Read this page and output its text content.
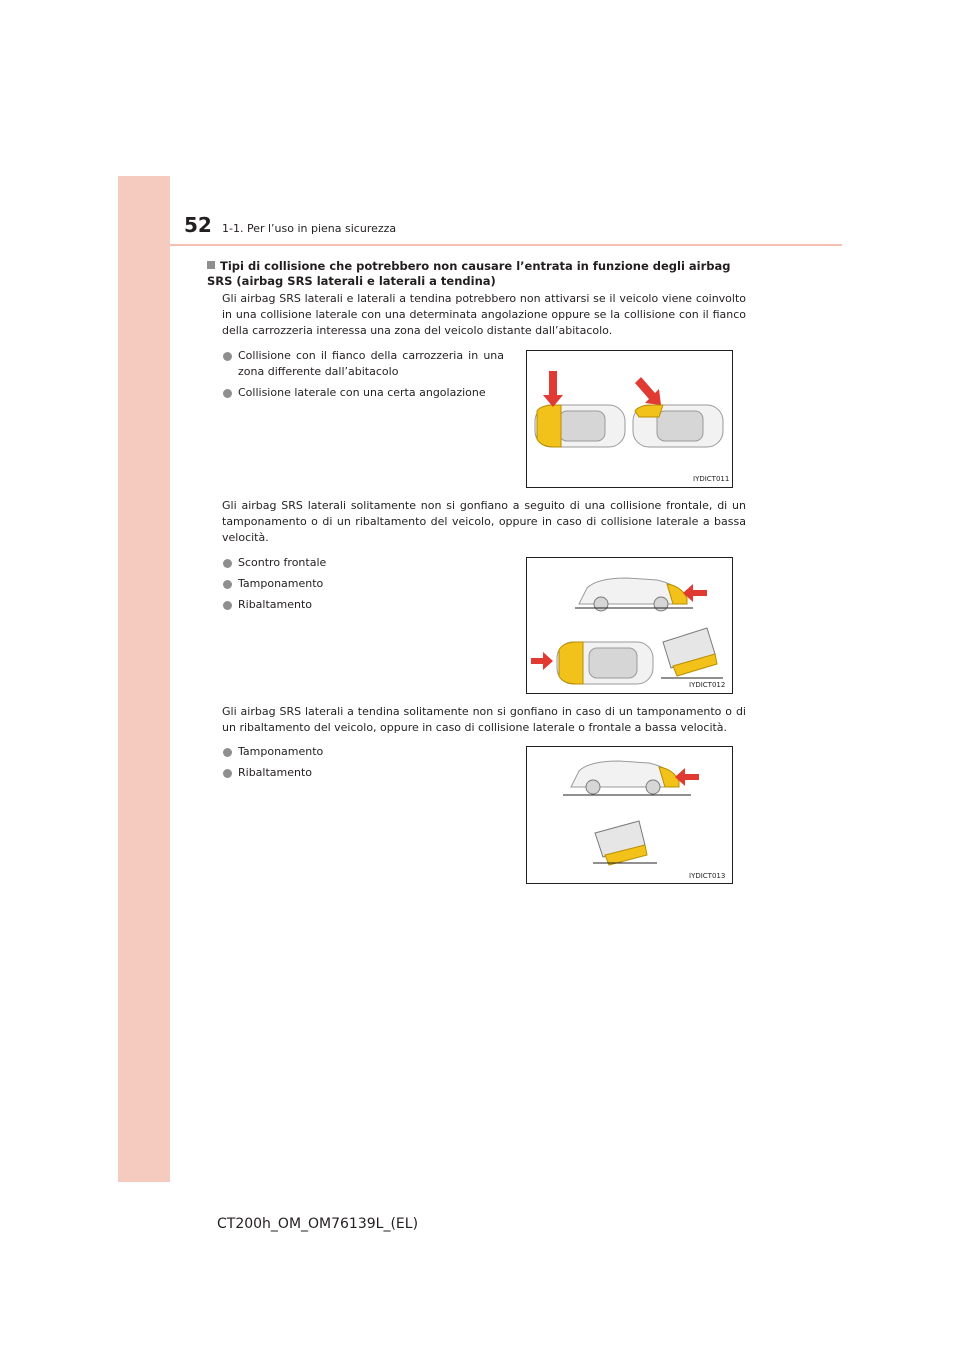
52 1-1. Per l’uso in piena sicurezza
Tipi di collisione che potrebbero non causare l’entrata in funzione degli airbag SRS (airbag SRS laterali e laterali a tendina)

Gli airbag SRS laterali e laterali a tendina potrebbero non attivarsi se il veicolo viene coinvolto in una collisione laterale con una determinata angolazione oppure se la collisione con il fianco della carrozzeria interessa una zona del veicolo distante dall’abitacolo.

Collisione con il fianco della carrozzeria in una zona differente dall’abitacolo
Collisione laterale con una certa angolazione
IYDICT011

Gli airbag SRS laterali solitamente non si gonfiano a seguito di una collisione frontale, di un tamponamento o di un ribaltamento del veicolo, oppure in caso di collisione laterale a bassa velocità.

Scontro frontale
Tamponamento
Ribaltamento
IYDICT012

Gli airbag SRS laterali a tendina solitamente non si gonfiano in caso di un tamponamento o di un ribaltamento del veicolo, oppure in caso di collisione laterale o frontale a bassa velocità.

Tamponamento
Ribaltamento
IYDICT013
CT200h_OM_OM76139L_(EL)
